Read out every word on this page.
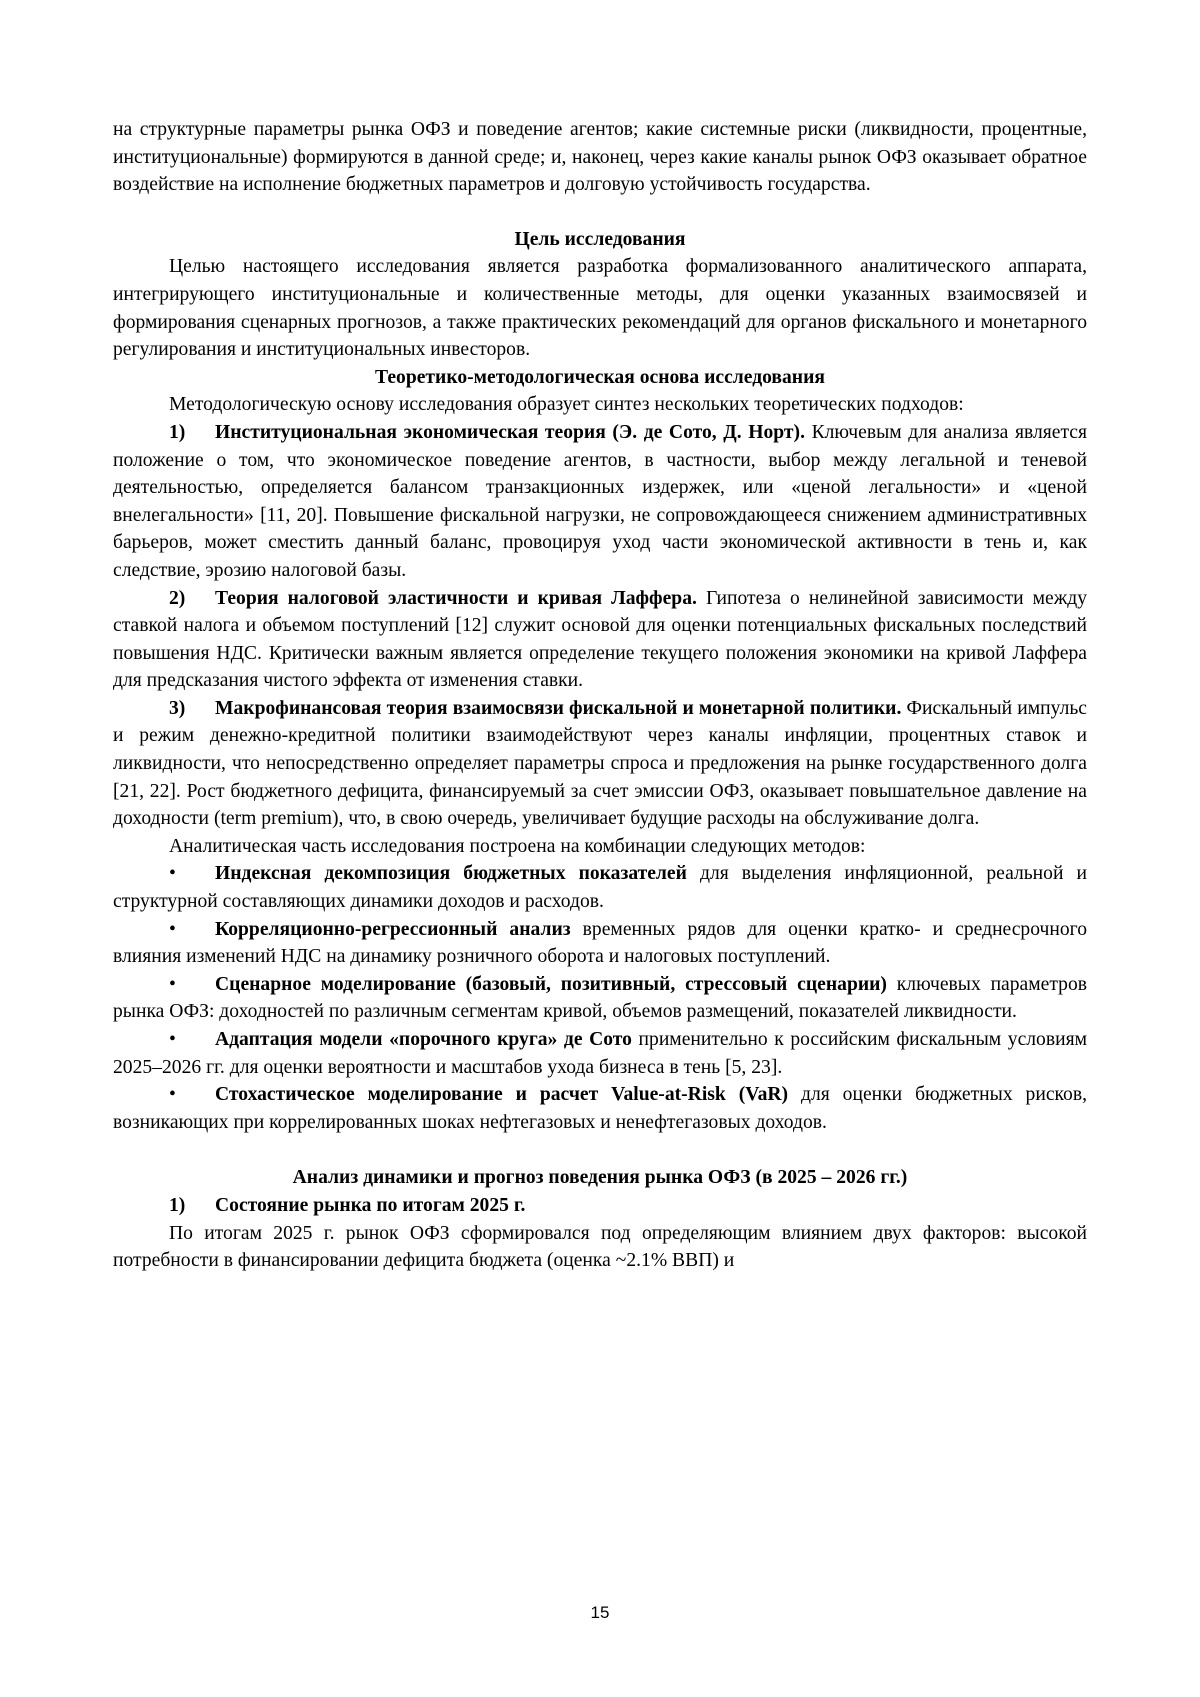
на структурные параметры рынка ОФЗ и поведение агентов; какие системные риски (ликвидности, процентные, институциональные) формируются в данной среде; и, наконец, через какие каналы рынок ОФЗ оказывает обратное воздействие на исполнение бюджетных параметров и долговую устойчивость государства.

Цель исследования

Целью настоящего исследования является разработка формализованного аналитического аппарата, интегрирующего институциональные и количественные методы, для оценки указанных взаимосвязей и формирования сценарных прогнозов, а также практических рекомендаций для органов фискального и монетарного регулирования и институциональных инвесторов.

Теоретико-методологическая основа исследования

Методологическую основу исследования образует синтез нескольких теоретических подходов:

1) Институциональная экономическая теория (Э. де Сото, Д. Норт). Ключевым для анализа является положение о том, что экономическое поведение агентов, в частности, выбор между легальной и теневой деятельностью, определяется балансом транзакционных издержек, или «ценой легальности» и «ценой внелегальности» [11, 20]. Повышение фискальной нагрузки, не сопровождающееся снижением административных барьеров, может сместить данный баланс, провоцируя уход части экономической активности в тень и, как следствие, эрозию налоговой базы.

2) Теория налоговой эластичности и кривая Лаффера. Гипотеза о нелинейной зависимости между ставкой налога и объемом поступлений [12] служит основой для оценки потенциальных фискальных последствий повышения НДС. Критически важным является определение текущего положения экономики на кривой Лаффера для предсказания чистого эффекта от изменения ставки.

3) Макрофинансовая теория взаимосвязи фискальной и монетарной политики. Фискальный импульс и режим денежно-кредитной политики взаимодействуют через каналы инфляции, процентных ставок и ликвидности, что непосредственно определяет параметры спроса и предложения на рынке государственного долга [21, 22]. Рост бюджетного дефицита, финансируемый за счет эмиссии ОФЗ, оказывает повышательное давление на доходности (term premium), что, в свою очередь, увеличивает будущие расходы на обслуживание долга.

Аналитическая часть исследования построена на комбинации следующих методов:

• Индексная декомпозиция бюджетных показателей для выделения инфляционной, реальной и структурной составляющих динамики доходов и расходов.

• Корреляционно-регрессионный анализ временных рядов для оценки кратко- и среднесрочного влияния изменений НДС на динамику розничного оборота и налоговых поступлений.

• Сценарное моделирование (базовый, позитивный, стрессовый сценарии) ключевых параметров рынка ОФЗ: доходностей по различным сегментам кривой, объемов размещений, показателей ликвидности.

• Адаптация модели «порочного круга» де Сото применительно к российским фискальным условиям 2025–2026 гг. для оценки вероятности и масштабов ухода бизнеса в тень [5, 23].

• Стохастическое моделирование и расчет Value-at-Risk (VaR) для оценки бюджетных рисков, возникающих при коррелированных шоках нефтегазовых и ненефтегазовых доходов.

Анализ динамики и прогноз поведения рынка ОФЗ (в 2025 – 2026 гг.)

1) Состояние рынка по итогам 2025 г.

По итогам 2025 г. рынок ОФЗ сформировался под определяющим влиянием двух факторов: высокой потребности в финансировании дефицита бюджета (оценка ~2.1% ВВП) и

15
